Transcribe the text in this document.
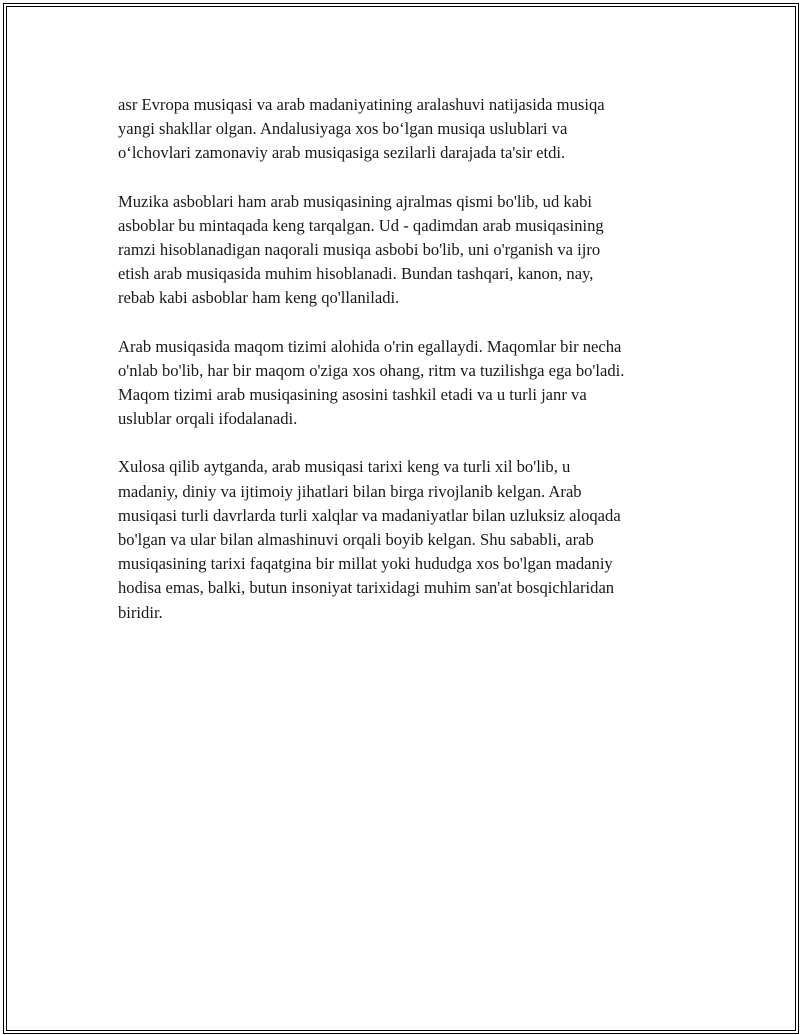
asr Evropa musiqasi va arab madaniyatining aralashuvi natijasida musiqa
yangi shakllar olgan. Andalusiyaga xos bo‘lgan musiqa uslublari va
o‘lchovlari zamonaviy arab musiqasiga sezilarli darajada ta'sir etdi.

Muzika asboblari ham arab musiqasining ajralmas qismi bo'lib, ud kabi
asboblar bu mintaqada keng tarqalgan. Ud - qadimdan arab musiqasining
ramzi hisoblanadigan naqorali musiqa asbobi bo'lib, uni o'rganish va ijro
etish arab musiqasida muhim hisoblanadi. Bundan tashqari, kanon, nay,
rebab kabi asboblar ham keng qo'llaniladi.

Arab musiqasida maqom tizimi alohida o'rin egallaydi. Maqomlar bir necha
o'nlab bo'lib, har bir maqom o'ziga xos ohang, ritm va tuzilishga ega bo'ladi.
Maqom tizimi arab musiqasining asosini tashkil etadi va u turli janr va
uslublar orqali ifodalanadi.

Xulosa qilib aytganda, arab musiqasi tarixi keng va turli xil bo'lib, u
madaniy, diniy va ijtimoiy jihatlari bilan birga rivojlanib kelgan. Arab
musiqasi turli davrlarda turli xalqlar va madaniyatlar bilan uzluksiz aloqada
bo'lgan va ular bilan almashinuvi orqali boyib kelgan. Shu sababli, arab
musiqasining tarixi faqatgina bir millat yoki hududga xos bo'lgan madaniy
hodisa emas, balki, butun insoniyat tarixidagi muhim san'at bosqichlaridan
biridir.
